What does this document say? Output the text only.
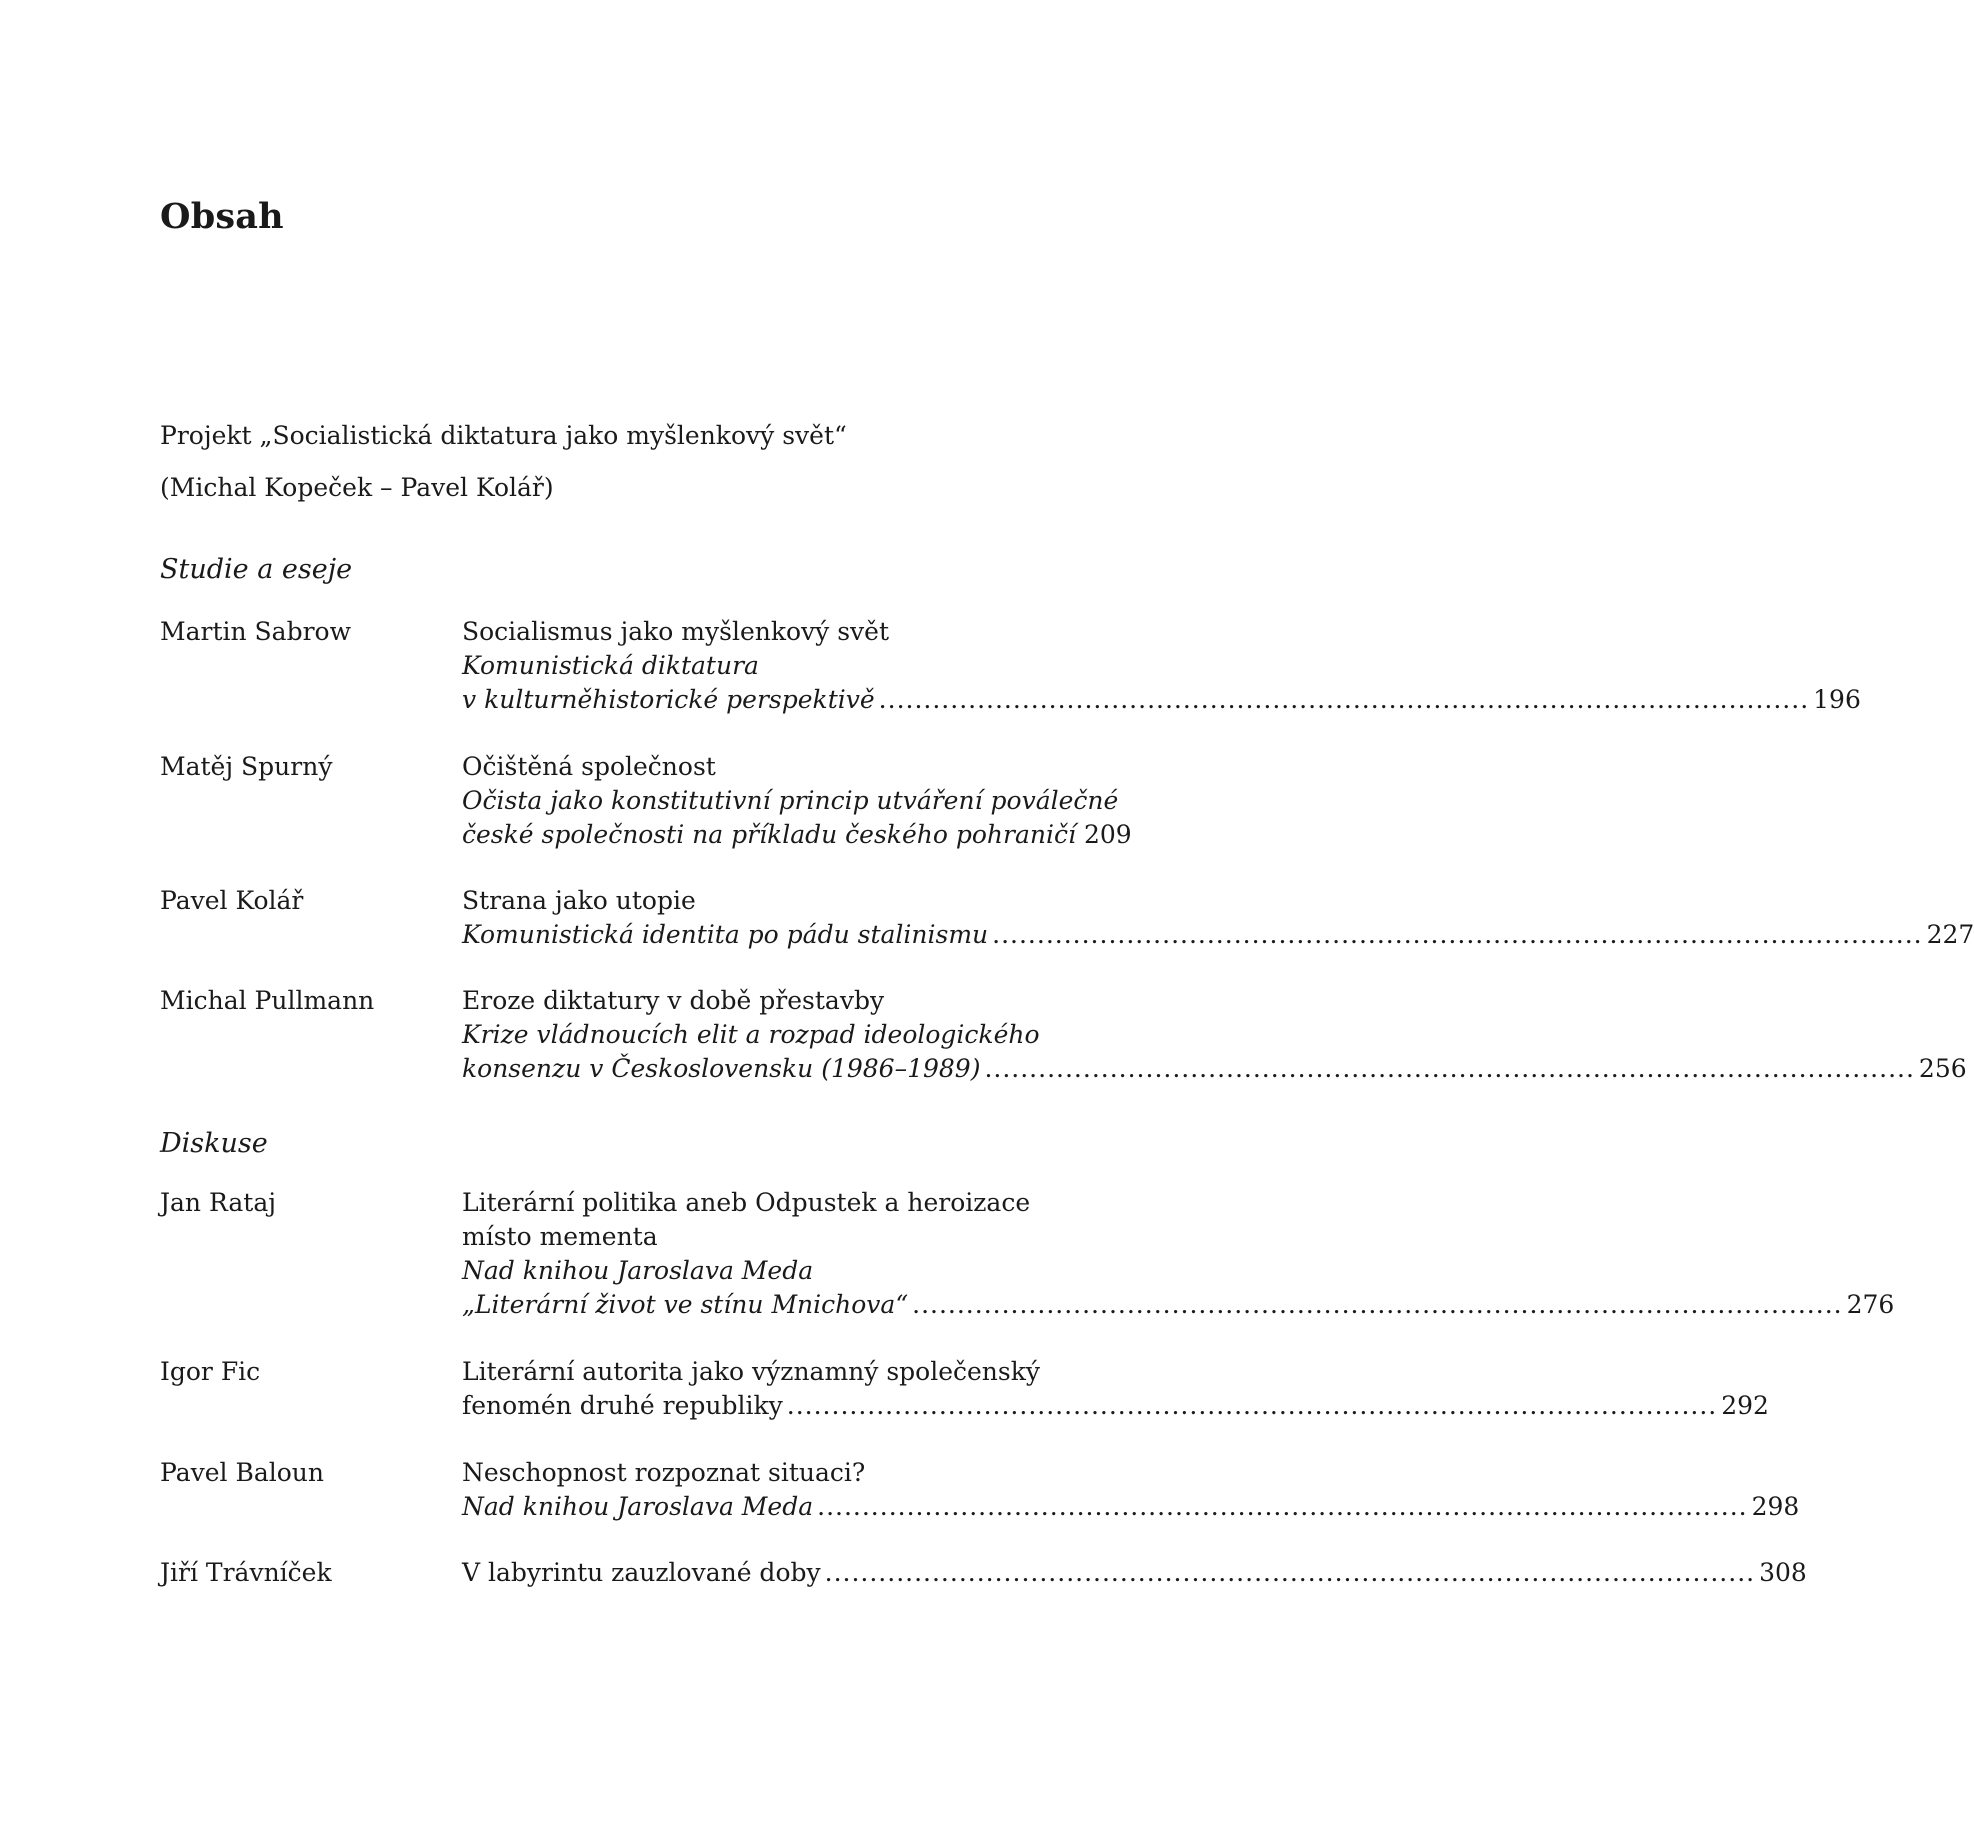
Obsah
Projekt „Socialistická diktatura jako myšlenkový svět“
(Michal Kopeček – Pavel Kolář)
Studie a eseje
Martin Sabrow	Socialismus jako myšlenkový svět
Komunistická diktatura
v kulturněhistorické perspektivě ........................................................................................................ 196
Matěj Spurný	Očištěná společnost
Očista jako konstitutivní princip utváření poválečné
české společnosti na příkladu českého pohraničí 209
Pavel Kolář	Strana jako utopie
Komunistická identita po pádu stalinismu ........................................................................................................ 227
Michal Pullmann	Eroze diktatury v době přestavby
Krize vládnoucích elit a rozpad ideologického
konsenzu v Československu (1986–1989) ........................................................................................................ 256
Diskuse
Jan Rataj	Literární politika aneb Odpustek a heroizace
místo mementa
Nad knihou Jaroslava Meda
„Literární život ve stínu Mnichova“ ........................................................................................................ 276
Igor Fic	Literární autorita jako významný společenský
fenomén druhé republiky ........................................................................................................ 292
Pavel Baloun	Neschopnost rozpoznat situaci?
Nad knihou Jaroslava Meda ........................................................................................................ 298
Jiří Trávníček	V labyrintu zauzlované doby ........................................................................................................ 308
